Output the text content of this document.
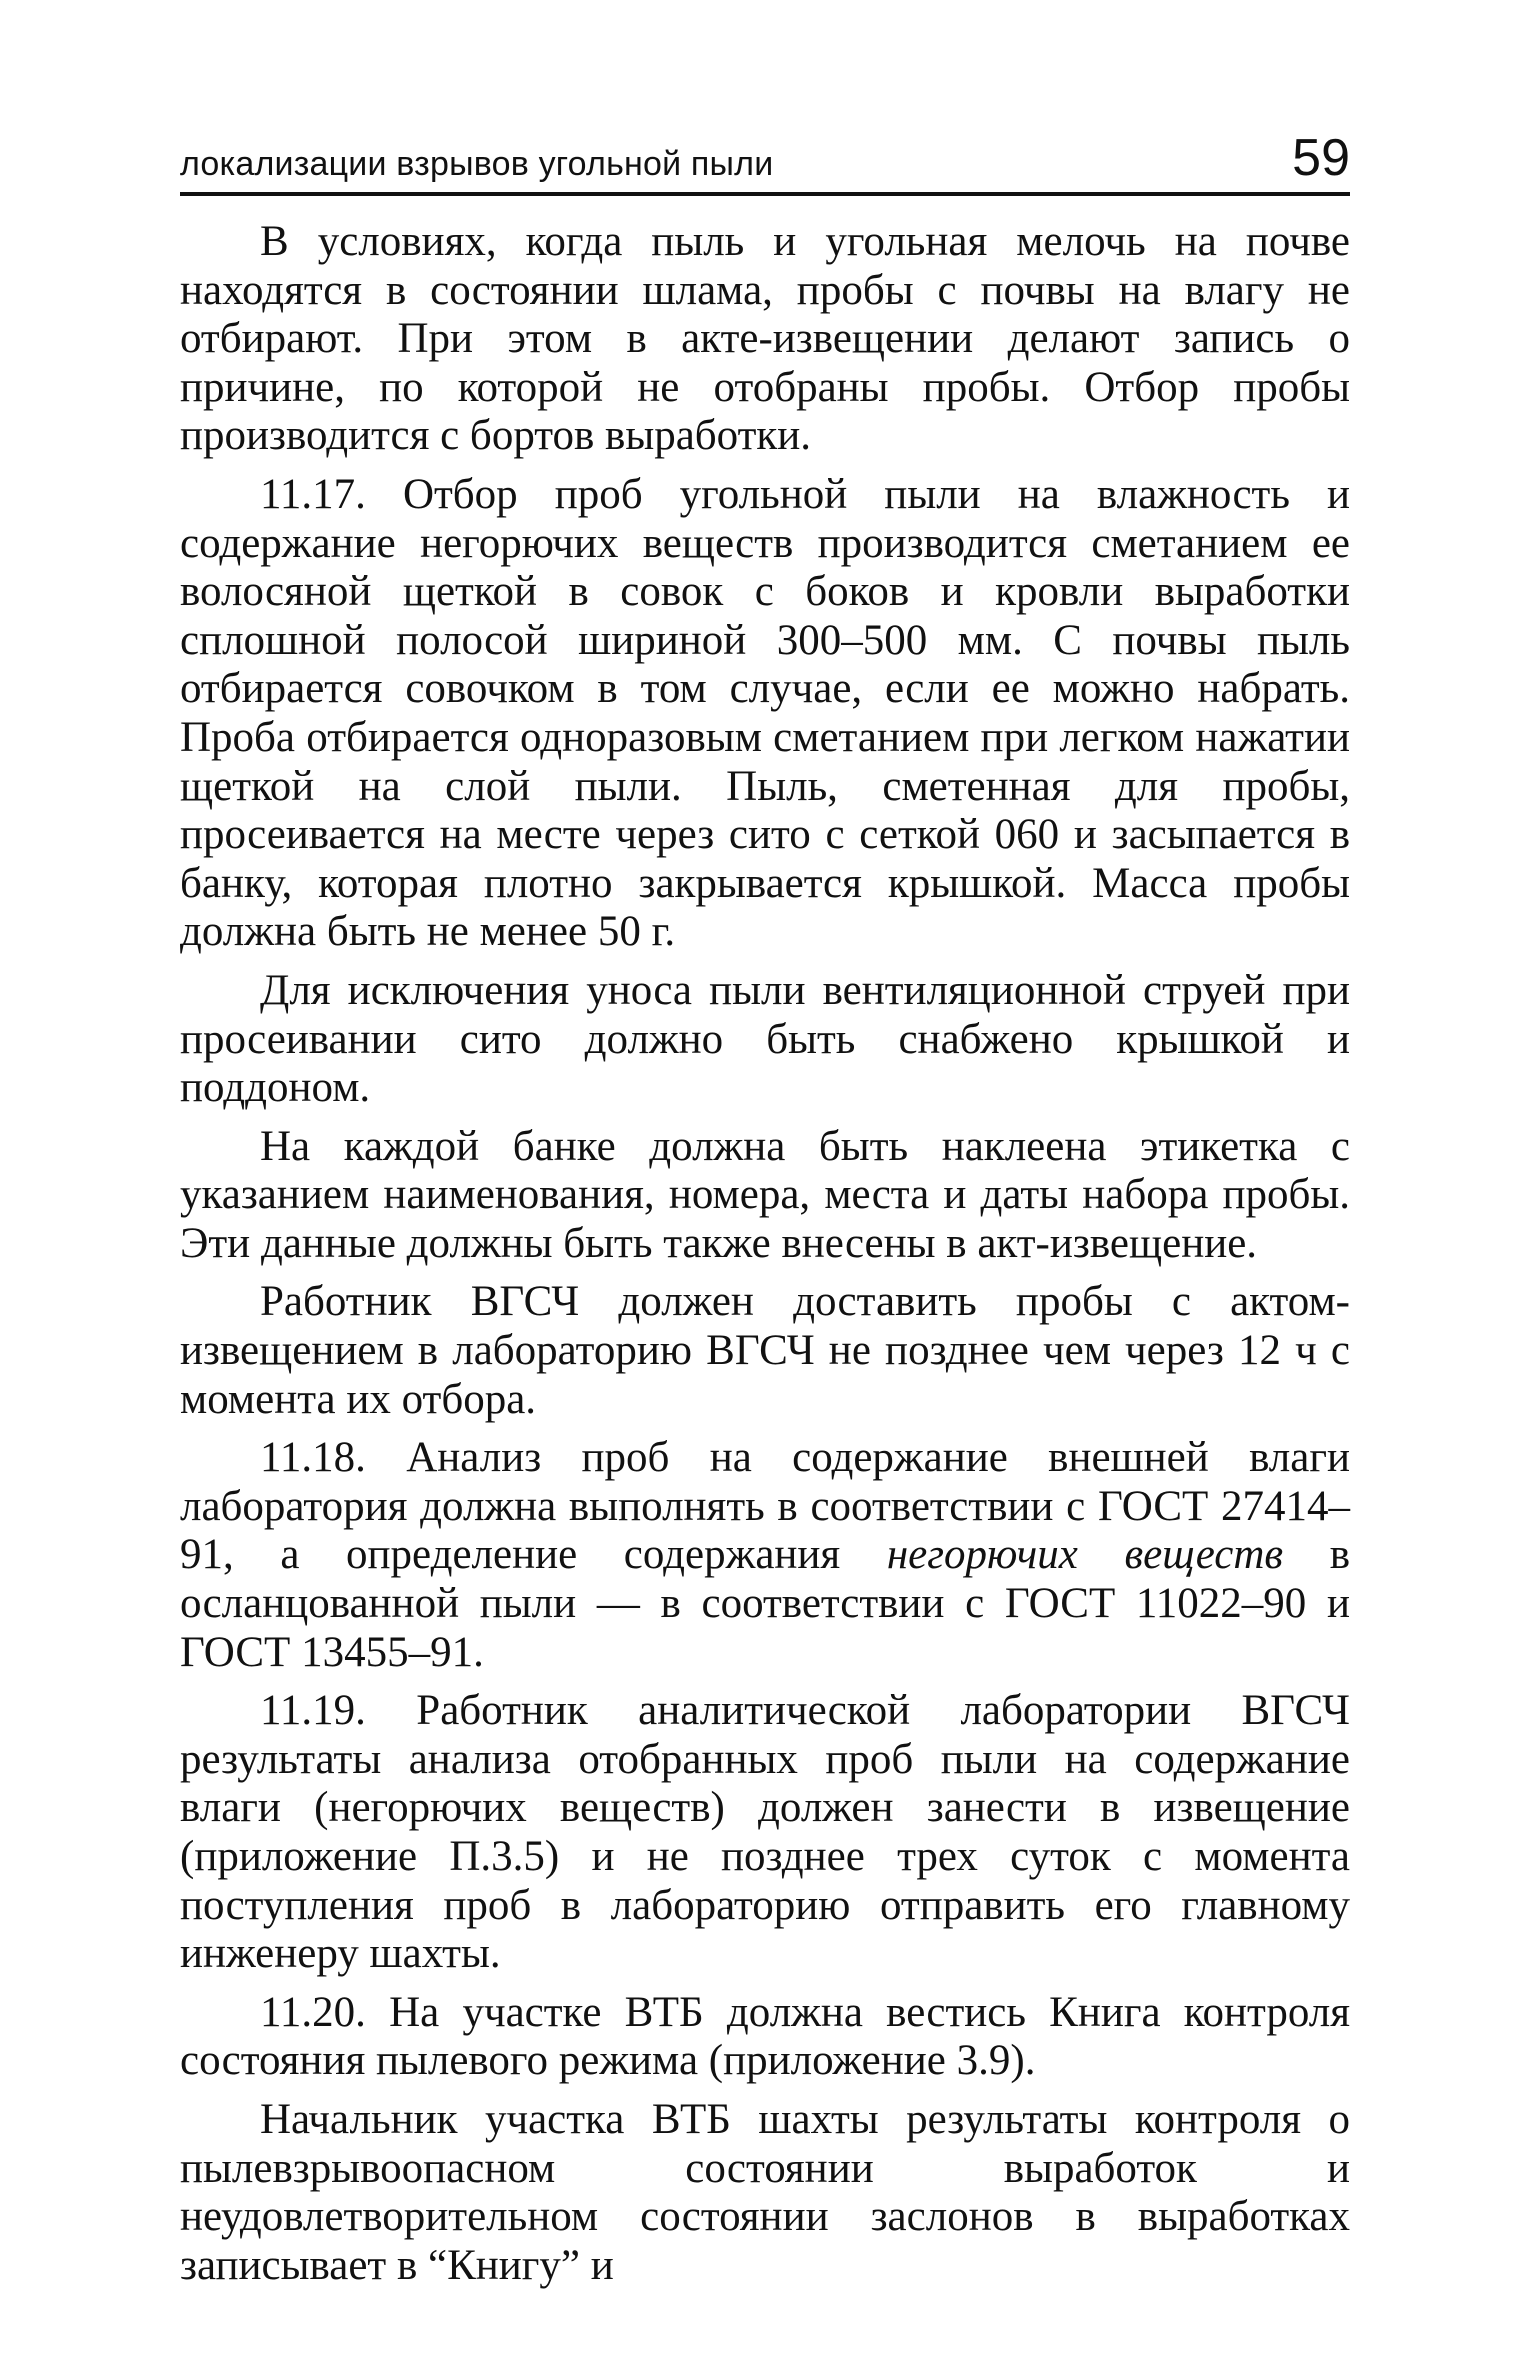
локализации взрывов угольной пыли	59

В условиях, когда пыль и угольная мелочь на почве находятся в состоянии шлама, пробы с почвы на влагу не отбирают. При этом в акте-извещении делают запись о причине, по которой не отобраны пробы. Отбор пробы производится с бортов выработки.

11.17. Отбор проб угольной пыли на влажность и содержание негорючих веществ производится сметанием ее волосяной щеткой в совок с боков и кровли выработки сплошной полосой шириной 300–500 мм. С почвы пыль отбирается совочком в том случае, если ее можно набрать. Проба отбирается одноразовым сметанием при легком нажатии щеткой на слой пыли. Пыль, сметенная для пробы, просеивается на месте через сито с сеткой 060 и засыпается в банку, которая плотно закрывается крышкой. Масса пробы должна быть не менее 50 г.

Для исключения уноса пыли вентиляционной струей при просеивании сито должно быть снабжено крышкой и поддоном.

На каждой банке должна быть наклеена этикетка с указанием наименования, номера, места и даты набора пробы. Эти данные должны быть также внесены в акт-извещение.

Работник ВГСЧ должен доставить пробы с актом-извещением в лабораторию ВГСЧ не позднее чем через 12 ч с момента их отбора.

11.18. Анализ проб на содержание внешней влаги лаборатория должна выполнять в соответствии с ГОСТ 27414–91, а определение содержания негорючих веществ в осланцованной пыли — в соответствии с ГОСТ 11022–90 и ГОСТ 13455–91.

11.19. Работник аналитической лаборатории ВГСЧ результаты анализа отобранных проб пыли на содержание влаги (негорючих веществ) должен занести в извещение (приложение П.3.5) и не позднее трех суток с момента поступления проб в лабораторию отправить его главному инженеру шахты.

11.20. На участке ВТБ должна вестись Книга контроля состояния пылевого режима (приложение 3.9).

Начальник участка ВТБ шахты результаты контроля о пылевзрывоопасном состоянии выработок и неудовлетворительном состоянии заслонов в выработках записывает в “Книгу” и
